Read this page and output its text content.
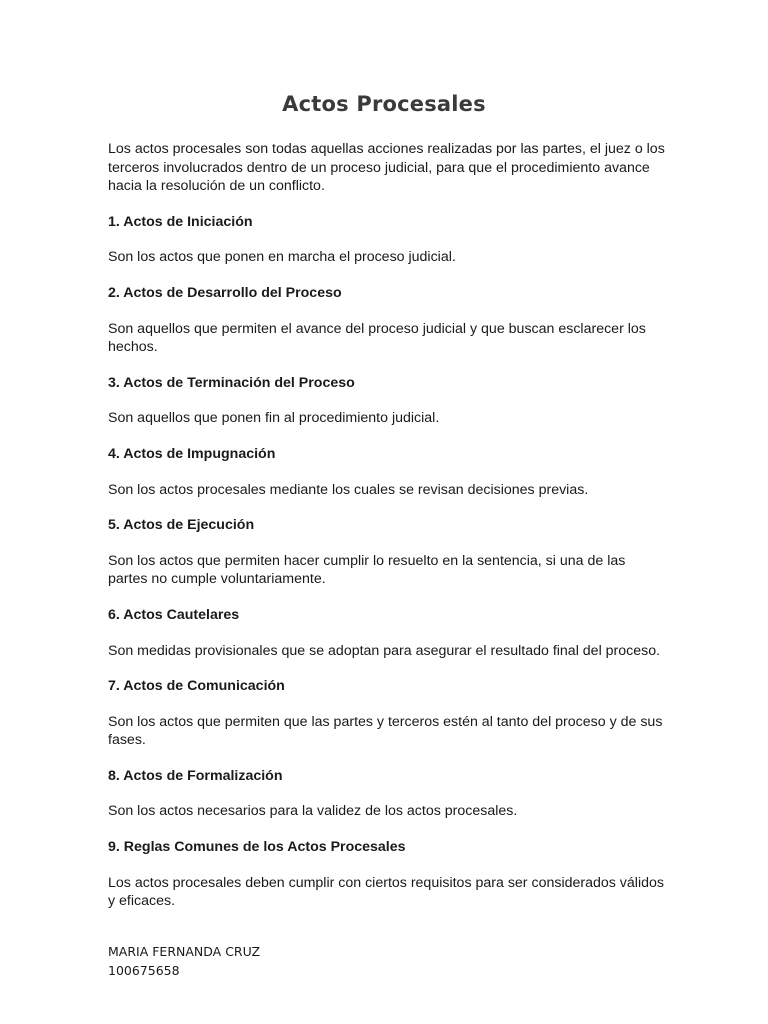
Actos Procesales

Los actos procesales son todas aquellas acciones realizadas por las partes, el juez o los terceros involucrados dentro de un proceso judicial, para que el procedimiento avance hacia la resolución de un conflicto.

1. Actos de Iniciación

Son los actos que ponen en marcha el proceso judicial.

2. Actos de Desarrollo del Proceso

Son aquellos que permiten el avance del proceso judicial y que buscan esclarecer los hechos.

3. Actos de Terminación del Proceso

Son aquellos que ponen fin al procedimiento judicial.

4. Actos de Impugnación

Son los actos procesales mediante los cuales se revisan decisiones previas.

5. Actos de Ejecución

Son los actos que permiten hacer cumplir lo resuelto en la sentencia, si una de las partes no cumple voluntariamente.

6. Actos Cautelares

Son medidas provisionales que se adoptan para asegurar el resultado final del proceso.

7. Actos de Comunicación

Son los actos que permiten que las partes y terceros estén al tanto del proceso y de sus fases.

8. Actos de Formalización

Son los actos necesarios para la validez de los actos procesales.

9. Reglas Comunes de los Actos Procesales

Los actos procesales deben cumplir con ciertos requisitos para ser considerados válidos y eficaces.

MARIA FERNANDA CRUZ
100675658
